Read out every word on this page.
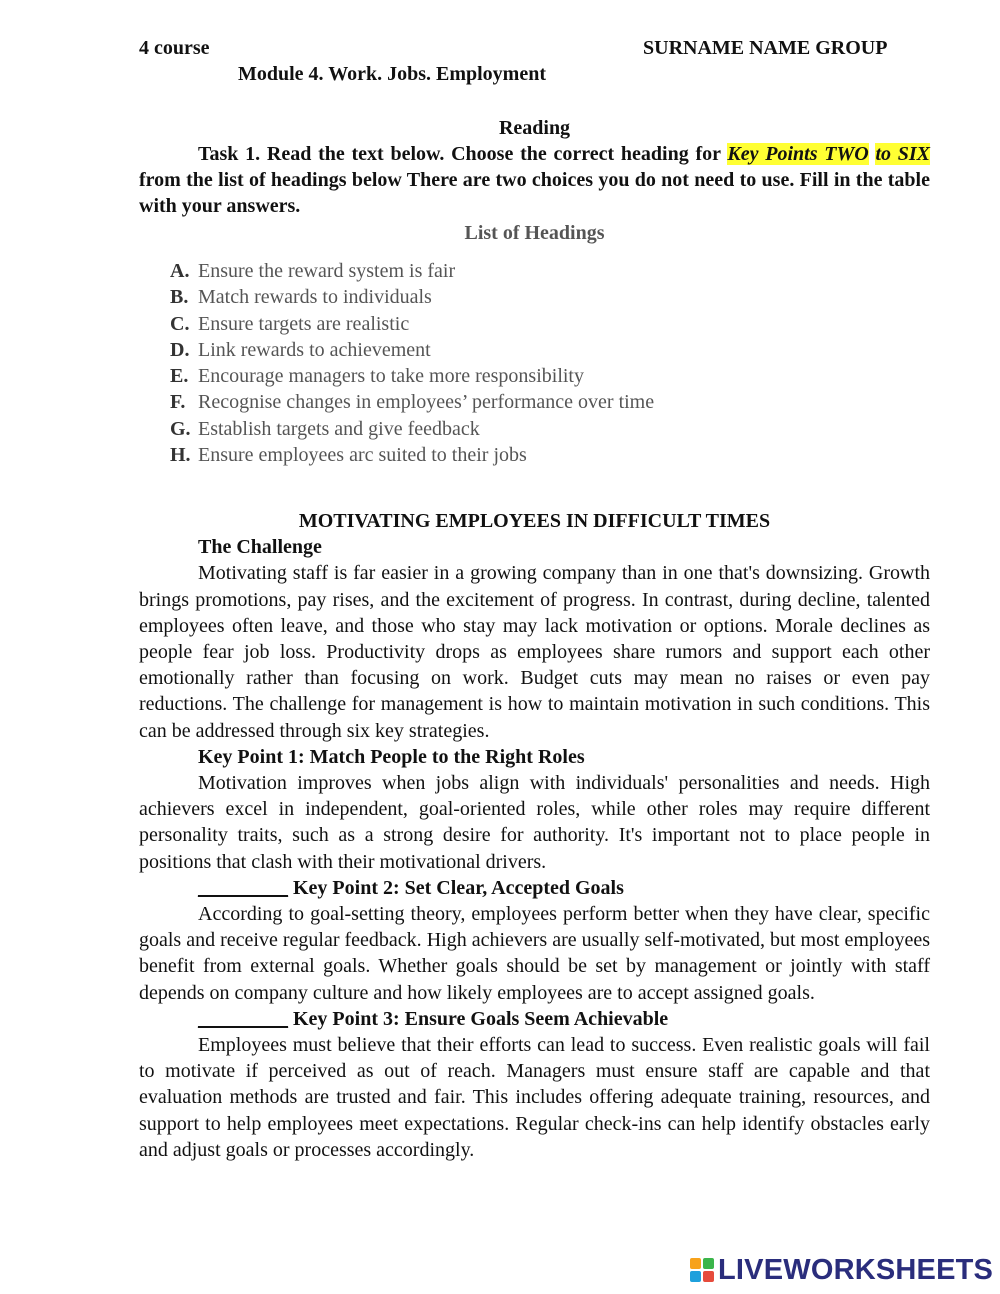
4 course	SURNAME NAME GROUP
Module 4. Work. Jobs. Employment
Reading
Task 1. Read the text below. Choose the correct heading for Key Points TWO to SIX from the list of headings below There are two choices you do not need to use. Fill in the table with your answers.
List of Headings
A. Ensure the reward system is fair
B. Match rewards to individuals
C. Ensure targets are realistic
D. Link rewards to achievement
E. Encourage managers to take more responsibility
F. Recognise changes in employees’ performance over time
G. Establish targets and give feedback
H. Ensure employees arc suited to their jobs
MOTIVATING EMPLOYEES IN DIFFICULT TIMES
The Challenge

Motivating staff is far easier in a growing company than in one that's downsizing. Growth brings promotions, pay rises, and the excitement of progress. In contrast, during decline, talented employees often leave, and those who stay may lack motivation or options. Morale declines as people fear job loss. Productivity drops as employees share rumors and support each other emotionally rather than focusing on work. Budget cuts may mean no raises or even pay reductions. The challenge for management is how to maintain motivation in such conditions. This can be addressed through six key strategies.

Key Point 1: Match People to the Right Roles

Motivation improves when jobs align with individuals' personalities and needs. High achievers excel in independent, goal-oriented roles, while other roles may require different personality traits, such as a strong desire for authority. It's important not to place people in positions that clash with their motivational drivers.

_________ Key Point 2: Set Clear, Accepted Goals

According to goal-setting theory, employees perform better when they have clear, specific goals and receive regular feedback. High achievers are usually self-motivated, but most employees benefit from external goals. Whether goals should be set by management or jointly with staff depends on company culture and how likely employees are to accept assigned goals.

_________ Key Point 3: Ensure Goals Seem Achievable

Employees must believe that their efforts can lead to success. Even realistic goals will fail to motivate if perceived as out of reach. Managers must ensure staff are capable and that evaluation methods are trusted and fair. This includes offering adequate training, resources, and support to help employees meet expectations. Regular check-ins can help identify obstacles early and adjust goals or processes accordingly.

LIVEWORKSHEETS
